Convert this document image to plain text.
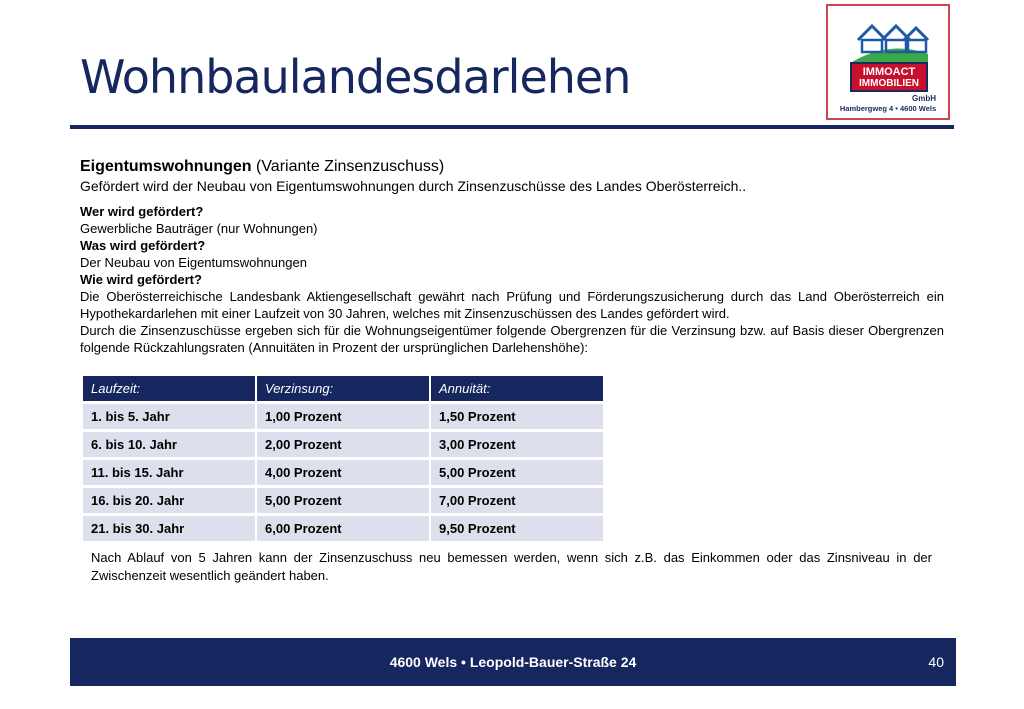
Wohnbaulandesdarlehen	IMMOACT
IMMOBILIEN
GmbH
Hambergweg 4 • 4600 Wels
Eigentumswohnungen (Variante Zinsenzuschuss)
Gefördert wird der Neubau von Eigentumswohnungen durch Zinsenzuschüsse des Landes Oberösterreich..
Wer wird gefördert?
Gewerbliche Bauträger (nur Wohnungen)
Was wird gefördert?
Der Neubau von Eigentumswohnungen
Wie wird gefördert?
Die Oberösterreichische Landesbank Aktiengesellschaft gewährt nach Prüfung und Förderungszusicherung durch das Land Oberösterreich ein Hypothekardarlehen mit einer Laufzeit von 30 Jahren, welches mit Zinsenzuschüssen des Landes gefördert wird.
Durch die Zinsenzuschüsse ergeben sich für die Wohnungseigentümer folgende Obergrenzen für die Verzinsung bzw. auf Basis dieser Obergrenzen folgende Rückzahlungsraten (Annuitäten in Prozent der ursprünglichen Darlehenshöhe):
Laufzeit:	Verzinsung:	Annuität:
1. bis 5. Jahr	1,00 Prozent	1,50 Prozent
6. bis 10. Jahr	2,00 Prozent	3,00 Prozent
11. bis 15. Jahr	4,00 Prozent	5,00 Prozent
16. bis 20. Jahr	5,00 Prozent	7,00 Prozent
21. bis 30. Jahr	6,00 Prozent	9,50 Prozent
Nach Ablauf von 5 Jahren kann der Zinsenzuschuss neu bemessen werden, wenn sich z.B. das Einkommen oder das Zinsniveau in der Zwischenzeit wesentlich geändert haben.
4600 Wels • Leopold-Bauer-Straße 24	40
